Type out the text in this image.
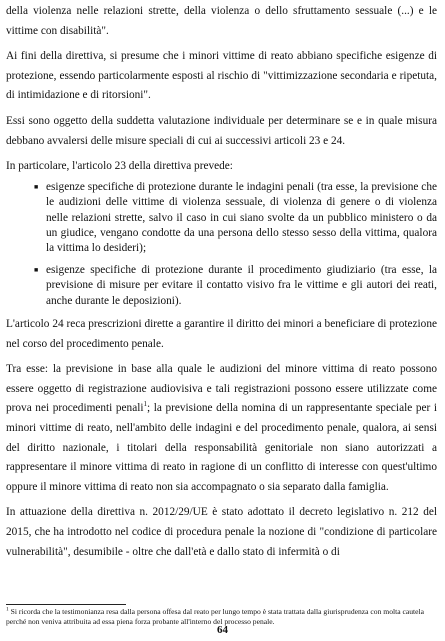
della violenza nelle relazioni strette, della violenza o dello sfruttamento sessuale (...) e le vittime con disabilità".

Ai fini della direttiva, si presume che i minori vittime di reato abbiano specifiche esigenze di protezione, essendo particolarmente esposti al rischio di "vittimizzazione secondaria e ripetuta, di intimidazione e di ritorsioni".

Essi sono oggetto della suddetta valutazione individuale per determinare se e in quale misura debbano avvalersi delle misure speciali di cui ai successivi articoli 23 e 24.

In particolare, l'articolo 23 della direttiva prevede:

■ esigenze specifiche di protezione durante le indagini penali (tra esse, la previsione che le audizioni delle vittime di violenza sessuale, di violenza di genere o di violenza nelle relazioni strette, salvo il caso in cui siano svolte da un pubblico ministero o da un giudice, vengano condotte da una persona dello stesso sesso della vittima, qualora la vittima lo desideri);
■ esigenze specifiche di protezione durante il procedimento giudiziario (tra esse, la previsione di misure per evitare il contatto visivo fra le vittime e gli autori dei reati, anche durante le deposizioni).

L'articolo 24 reca prescrizioni dirette a garantire il diritto dei minori a beneficiare di protezione nel corso del procedimento penale.

Tra esse: la previsione in base alla quale le audizioni del minore vittima di reato possono essere oggetto di registrazione audiovisiva e tali registrazioni possono essere utilizzate come prova nei procedimenti penali$^1$; la previsione della nomina di un rappresentante speciale per i minori vittime di reato, nell'ambito delle indagini e del procedimento penale, qualora, ai sensi del diritto nazionale, i titolari della responsabilità genitoriale non siano autorizzati a rappresentare il minore vittima di reato in ragione di un conflitto di interesse con quest'ultimo oppure il minore vittima di reato non sia accompagnato o sia separato dalla famiglia.

In attuazione della direttiva n. 2012/29/UE è stato adottato il decreto legislativo n. 212 del 2015, che ha introdotto nel codice di procedura penale la nozione di "condizione di particolare vulnerabilità", desumibile - oltre che dall'età e dallo stato di infermità o di

$^1$ Si ricorda che la testimonianza resa dalla persona offesa dal reato per lungo tempo è stata trattata dalla giurisprudenza con molta cautela perché non veniva attribuita ad essa piena forza probante all'interno del processo penale.
64
